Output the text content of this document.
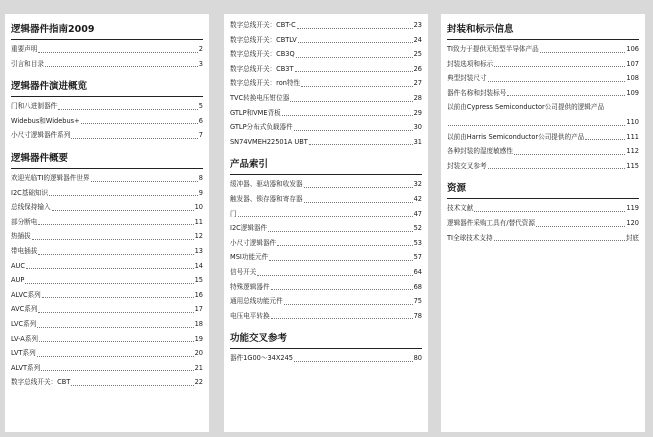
逻辑器件指南2009
重要声明	2
引言和目录	3
逻辑器件演进概览
门和八进制器件	5
Widebus和Widebus+	6
小尺寸逻辑器件系列	7
逻辑器件概要
欢迎光临TI的逻辑器件世界	8
I2C基础知识	9
总线保持输入	10
部分断电	11
热插拔	12
带电插拔	13
AUC	14
AUP	15
ALVC系列	16
AVC系列	17
LVC系列	18
LV-A系列	19
LVT系列	20
ALVT系列	21
数字总线开关：CBT	22
数字总线开关：CBT-C	23
数字总线开关：CBTLV	24
数字总线开关：CB3Q	25
数字总线开关：CB3T	26
数字总线开关：ron特性	27
TVC转换电压钳位器	28
GTLP和VME背板	29
GTLP分布式负载器件	30
SN74VMEH22501A UBT	31
产品索引
缓冲器、驱动器和收发器	32
触发器、锁存器和寄存器	42
门	47
I2C逻辑器件	52
小尺寸逻辑器件	53
MSI功能元件	57
信号开关	64
特殊逻辑器件	68
通用总线功能元件	75
电压电平转换	78
功能交叉参考
器件1G00～34X245	80
封装和标示信息
TI致力于提供无铅型半导体产品	106
封装选项和标示	107
典型封装尺寸	108
器件名称和封装标号	109
以前由Cypress Semiconductor公司提供的逻辑产品
110
以前由Harris Semiconductor公司提供的产品	111
各种封装的湿度敏感性	112
封装交叉参考	115
资源
技术文献	119
逻辑器件采购工具有/替代资源	120
TI全球技术支持	封底
